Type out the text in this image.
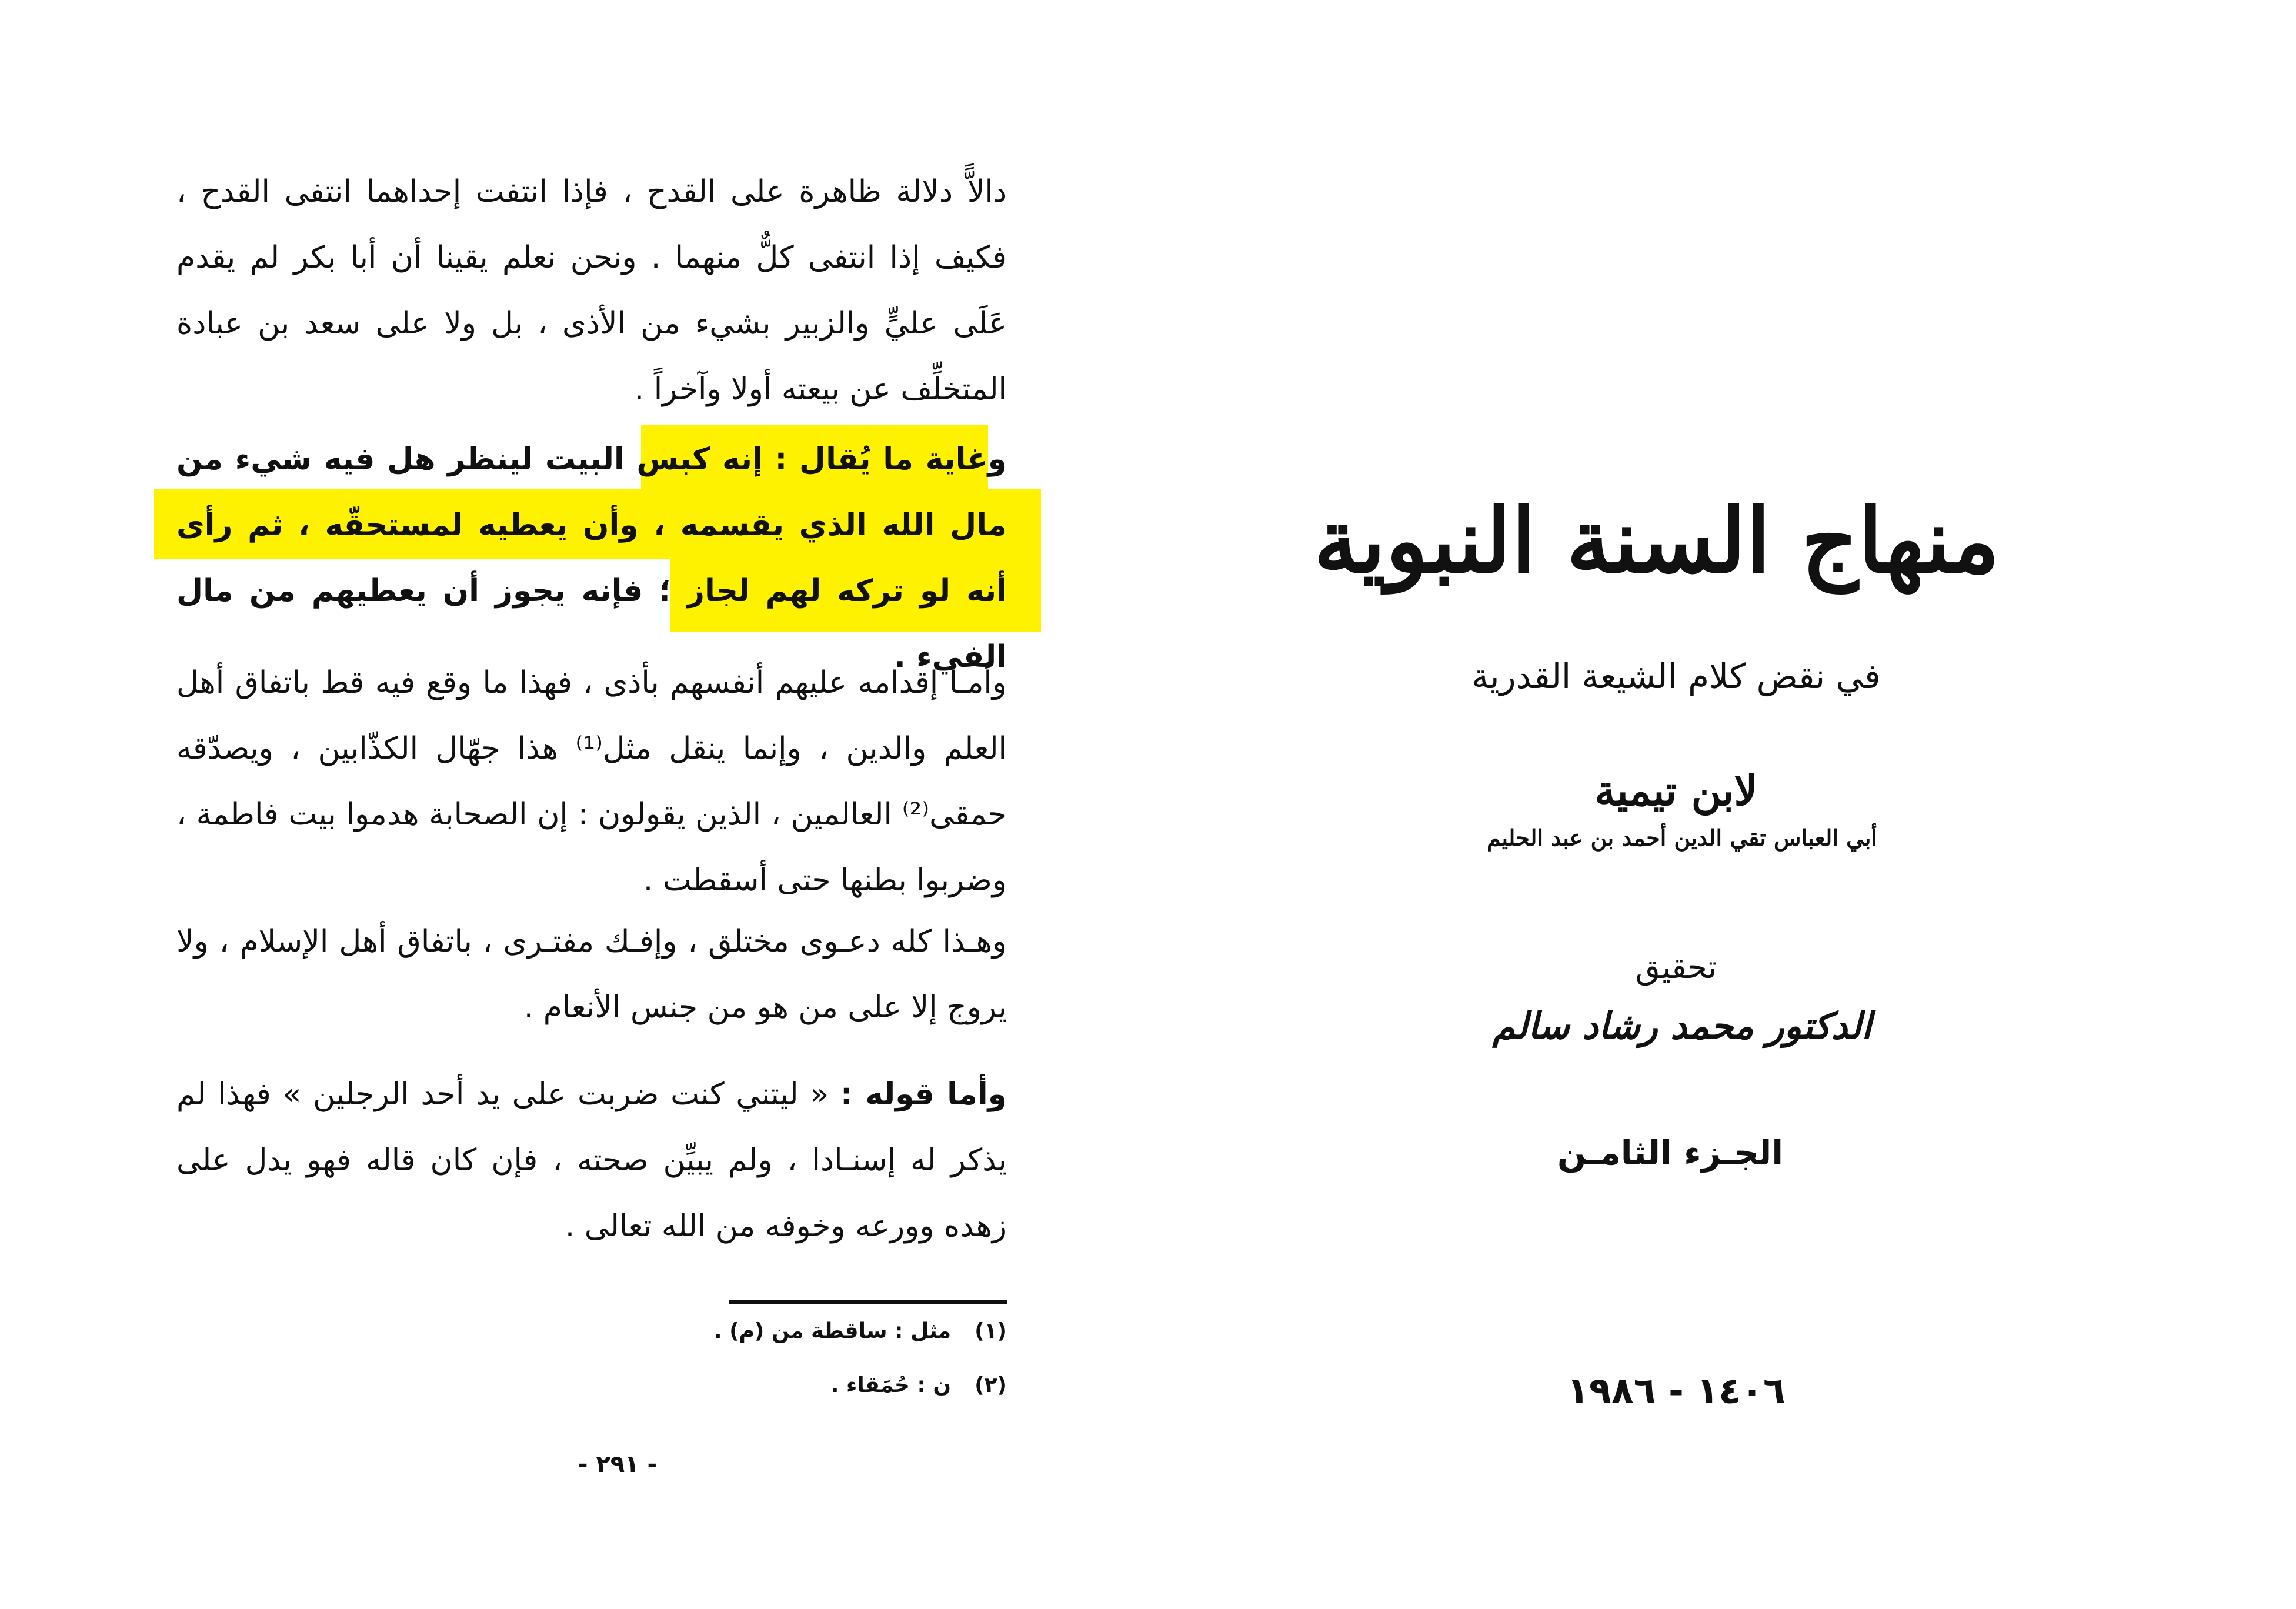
دالاًّ دلالة ظاهرة على القدح ، فإذا انتفت إحداهما انتفى القدح ، فكيف إذا انتفى كلٌّ منهما . ونحن نعلم يقينا أن أبا بكر لم يقدم عَلَى عليٍّ والزبير بشيء من الأذى ، بل ولا على سعد بن عبادة المتخلِّف عن بيعته أولا وآخراً .

وغاية ما يُقال : إنه كبس البيت لينظر هل فيه شيء من مال الله الذي يقسمه ، وأن يعطيه لمستحقّه ، ثم رأى أنه لو تركه لهم لجاز ؛ فإنه يجوز أن يعطيهم من مال الفيء .

وأمـا إقدامه عليهم أنفسهم بأذى ، فهذا ما وقع فيه قط باتفاق أهل العلم والدين ، وإنما ينقل مثل⁽¹⁾ هذا جهّال الكذّابين ، ويصدّقه حمقى⁽²⁾ العالمين ، الذين يقولون : إن الصحابة هدموا بيت فاطمة ، وضربوا بطنها حتى أسقطت .

وهـذا كله دعـوى مختلق ، وإفـك مفتـرى ، باتفاق أهل الإسلام ، ولا يروج إلا على من هو من جنس الأنعام .

وأما قوله : « ليتني كنت ضربت على يد أحد الرجلين » فهذا لم يذكر له إسنـادا ، ولم يبيِّن صحته ، فإن كان قاله فهو يدل على زهده وورعه وخوفه من الله تعالى .

(١)مثل : ساقطة من (م) .
(٢)ن : حُمَقاء .
- ٢٩١ -
منهاج السنة النبوية
في نقض كلام الشيعة القدرية
لابن تيمية
أبي العباس تقي الدين أحمد بن عبد الحليم
تحقيق
الدكتور محمد رشاد سالم
الجـزء الثامـن
١٤٠٦ - ١٩٨٦
